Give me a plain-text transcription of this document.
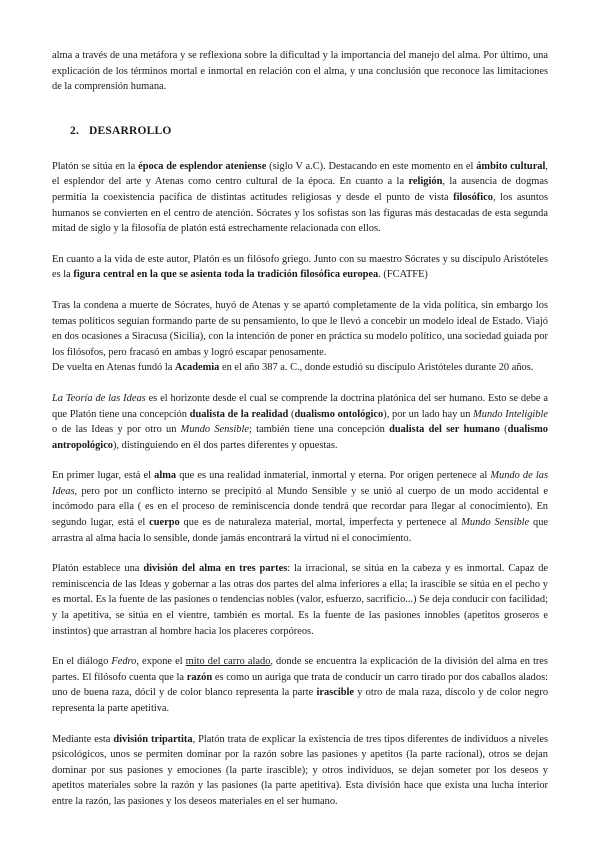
alma a través de una metáfora y se reflexiona sobre la dificultad y la importancia del manejo del alma. Por último, una explicación de los términos mortal e inmortal en relación con el alma, y una conclusión que reconoce las limitaciones de la comprensión humana.

2. DESARROLLO

Platón se sitúa en la época de esplendor ateniense (siglo V a.C). Destacando en este momento en el ámbito cultural, el esplendor del arte y Atenas como centro cultural de la época. En cuanto a la religión, la ausencia de dogmas permitía la coexistencia pacífica de distintas actitudes religiosas y desde el punto de vista filosófico, los asuntos humanos se convierten en el centro de atención. Sócrates y los sofistas son las figuras más destacadas de esta segunda mitad de siglo y la filosofía de platón está estrechamente relacionada con ellos.

En cuanto a la vida de este autor, Platón es un filósofo griego. Junto con su maestro Sócrates y su discípulo Aristóteles es la figura central en la que se asienta toda la tradición filosófica europea. (FCATFE)

Tras la condena a muerte de Sócrates, huyó de Atenas y se apartó completamente de la vida política, sin embargo los temas políticos seguían formando parte de su pensamiento, lo que le llevó a concebir un modelo ideal de Estado. Viajó en dos ocasiones a Siracusa (Sicilia), con la intención de poner en práctica su modelo político, una sociedad guiada por los filósofos, pero fracasó en ambas y logró escapar penosamente.

De vuelta en Atenas fundó la Academia en el año 387 a. C., donde estudió su discípulo Aristóteles durante 20 años.

La Teoría de las Ideas es el horizonte desde el cual se comprende la doctrina platónica del ser humano. Esto se debe a que Platón tiene una concepción dualista de la realidad (dualismo ontológico), por un lado hay un Mundo Inteligible o de las Ideas y por otro un Mundo Sensible; también tiene una concepción dualista del ser humano (dualismo antropológico), distinguiendo en él dos partes diferentes y opuestas.

En primer lugar, está el alma que es una realidad inmaterial, inmortal y eterna. Por origen pertenece al Mundo de las Ideas, pero por un conflicto interno se precipitó al Mundo Sensible y se unió al cuerpo de un modo accidental e incómodo para ella ( es en el proceso de reminiscencia donde tendrá que recordar para llegar al conocimiento). En segundo lugar, está el cuerpo que es de naturaleza material, mortal, imperfecta y pertenece al Mundo Sensible que arrastra al alma hacia lo sensible, donde jamás encontrará la virtud ni el conocimiento.

Platón establece una división del alma en tres partes: la irracional, se sitúa en la cabeza y es inmortal. Capaz de reminiscencia de las Ideas y gobernar a las otras dos partes del alma inferiores a ella; la irascible se sitúa en el pecho y es mortal. Es la fuente de las pasiones o tendencias nobles (valor, esfuerzo, sacrificio...) Se deja conducir con facilidad; y la apetitiva, se sitúa en el vientre, también es mortal. Es la fuente de las pasiones innobles (apetitos groseros e instintos) que arrastran al hombre hacia los placeres corpóreos.

En el diálogo Fedro, expone el mito del carro alado, donde se encuentra la explicación de la división del alma en tres partes. El filósofo cuenta que la razón es como un auriga que trata de conducir un carro tirado por dos caballos alados: uno de buena raza, dócil y de color blanco representa la parte irascible y otro de mala raza, díscolo y de color negro representa la parte apetitiva.

Mediante esta división tripartita, Platón trata de explicar la existencia de tres tipos diferentes de individuos a niveles psicológicos, unos se permiten dominar por la razón sobre las pasiones y apetitos (la parte racional), otros se dejan dominar por sus pasiones y emociones (la parte irascible); y otros individuos, se dejan someter por los deseos y apetitos materiales sobre la razón y las pasiones (la parte apetitiva). Esta división hace que exista una lucha interior entre la razón, las pasiones y los deseos materiales en el ser humano.
